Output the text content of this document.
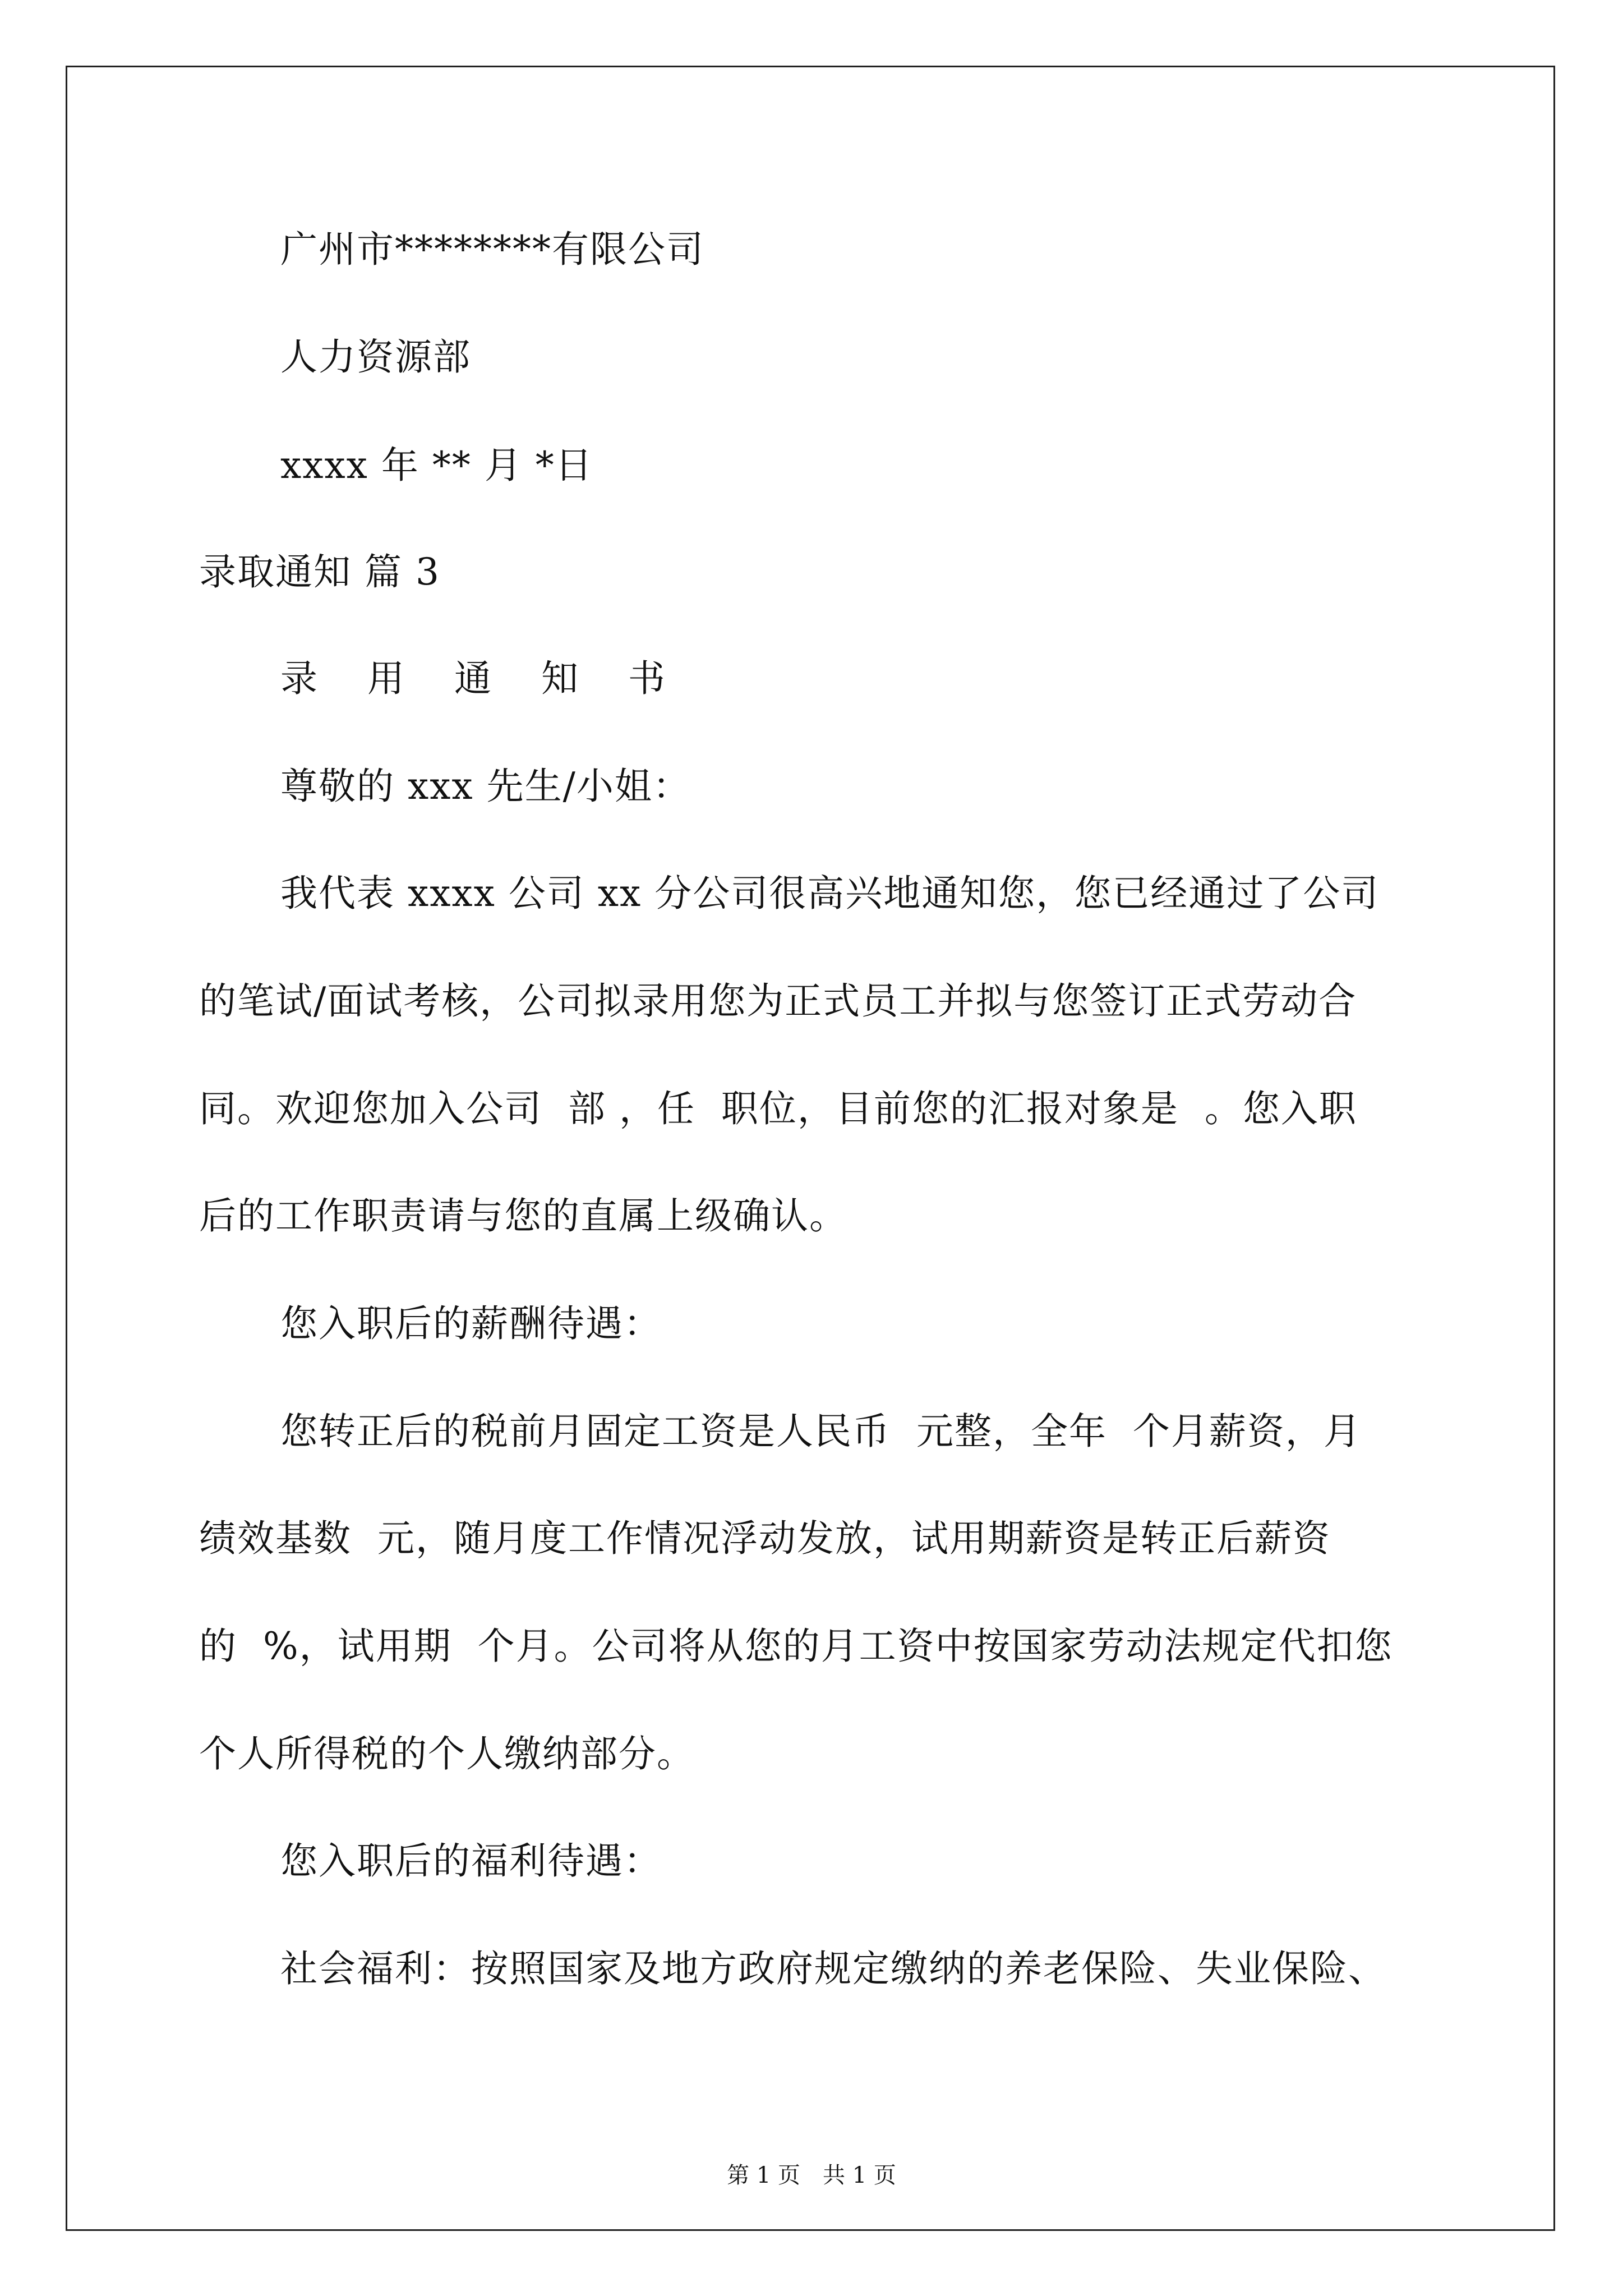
广州市********有限公司
人力资源部
xxxx 年 ** 月 *日
录取通知 篇 3
录 用 通 知 书
尊敬的 xxx 先生/小姐：
我代表 xxxx 公司 xx 分公司很高兴地通知您，您已经通过了公司
的笔试/面试考核，公司拟录用您为正式员工并拟与您签订正式劳动合
同。欢迎您加入公司  部 ，任  职位，目前您的汇报对象是  。您入职
后的工作职责请与您的直属上级确认。
您入职后的薪酬待遇：
您转正后的税前月固定工资是人民币  元整，全年  个月薪资，月
绩效基数  元，随月度工作情况浮动发放，试用期薪资是转正后薪资
的  %，试用期  个月。公司将从您的月工资中按国家劳动法规定代扣您
个人所得税的个人缴纳部分。
您入职后的福利待遇：
社会福利：按照国家及地方政府规定缴纳的养老保险、失业保险、
第 1 页　共 1 页
